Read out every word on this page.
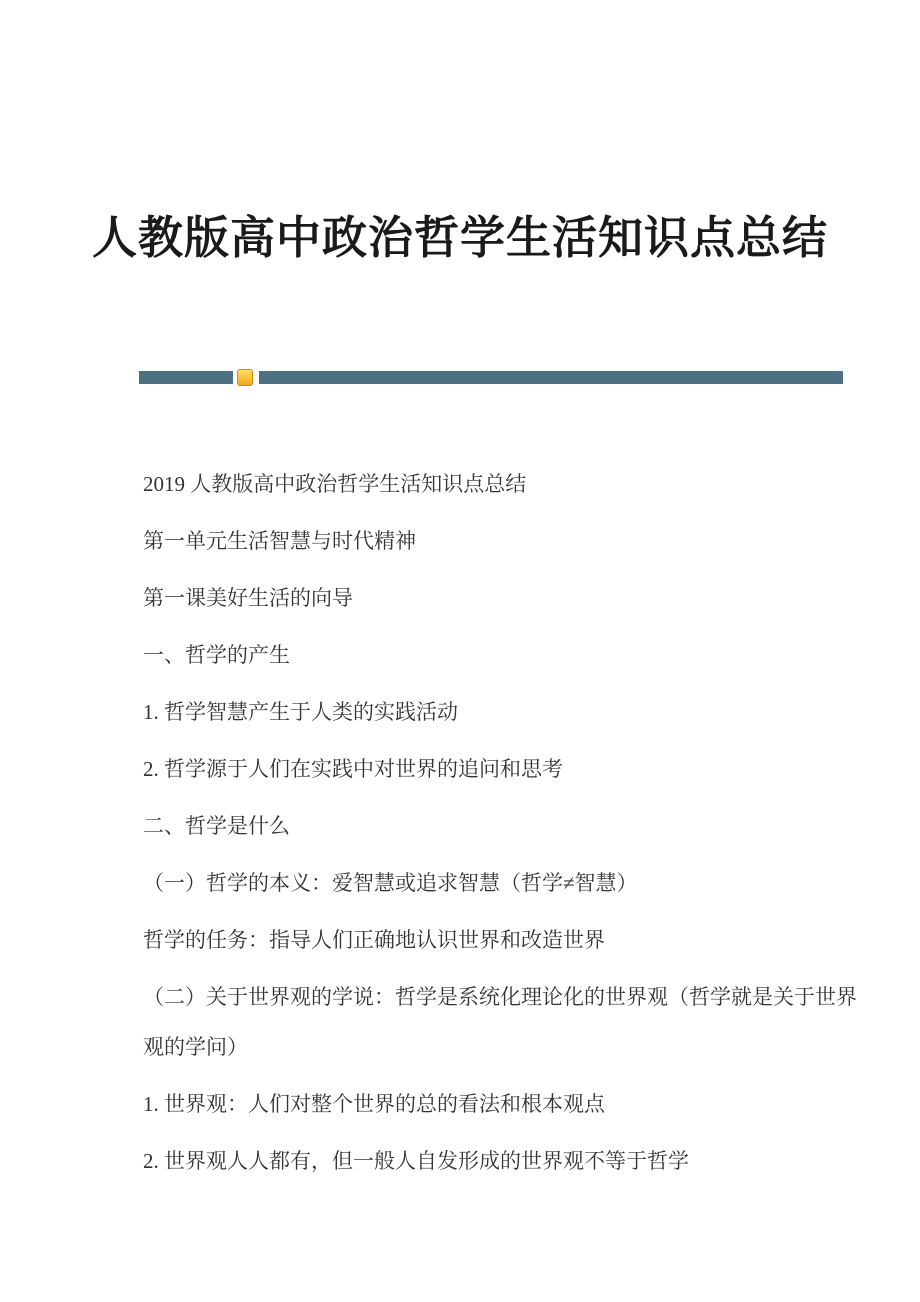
人教版高中政治哲学生活知识点总结
2019 人教版高中政治哲学生活知识点总结
第一单元生活智慧与时代精神
第一课美好生活的向导
一、哲学的产生
1. 哲学智慧产生于人类的实践活动
2. 哲学源于人们在实践中对世界的追问和思考
二、哲学是什么
（一）哲学的本义：爱智慧或追求智慧（哲学≠智慧）
哲学的任务：指导人们正确地认识世界和改造世界
（二）关于世界观的学说：哲学是系统化理论化的世界观（哲学就是关于世界
观的学问）
1. 世界观：人们对整个世界的总的看法和根本观点
2. 世界观人人都有，但一般人自发形成的世界观不等于哲学
